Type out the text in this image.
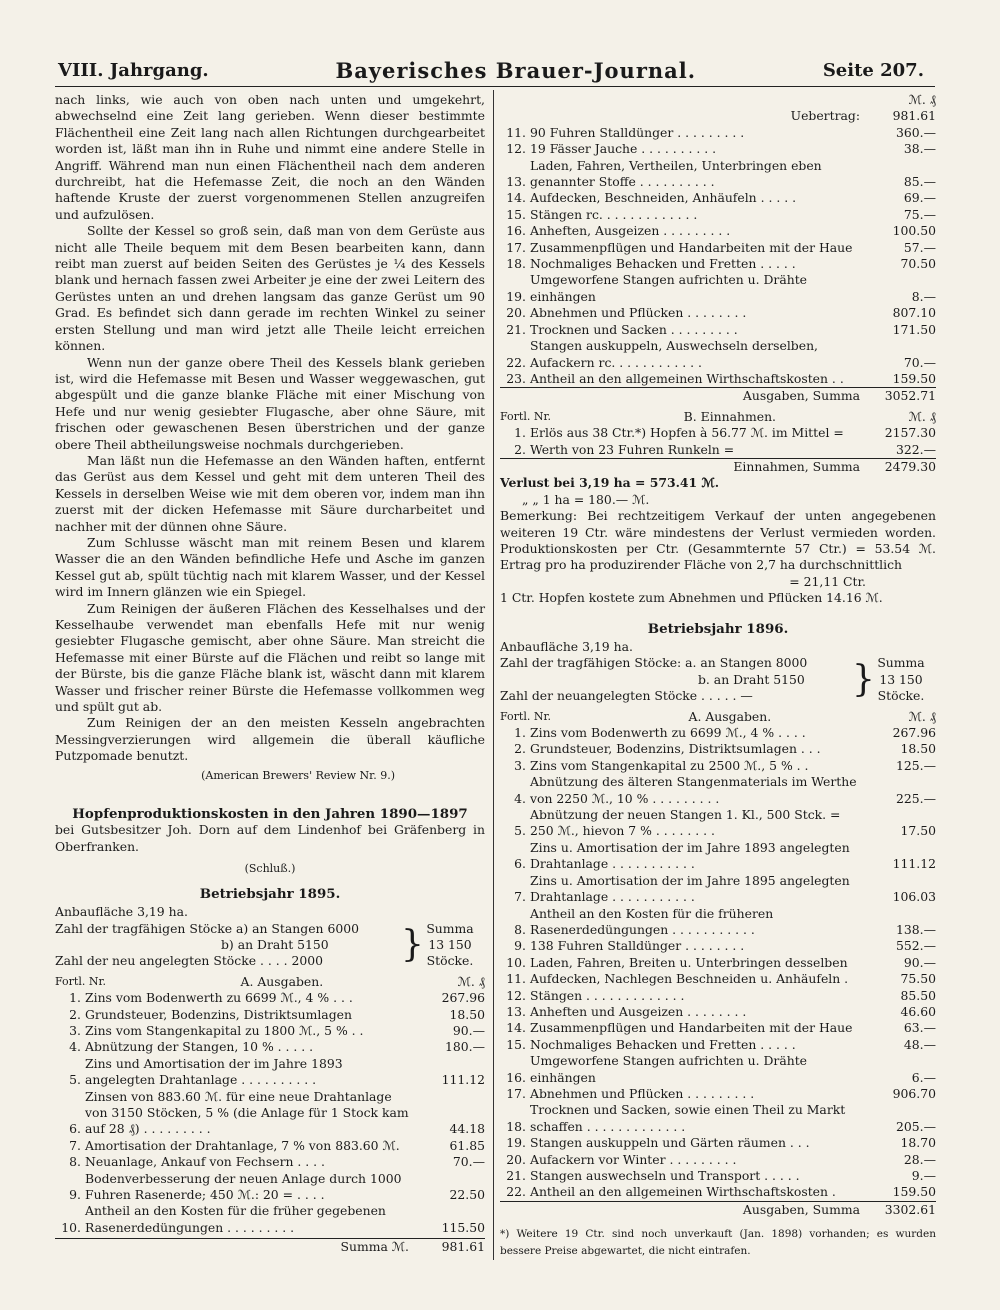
VIII. Jahrgang.	Bayerisches Brauer-Journal.	Seite 207.

nach links, wie auch von oben nach unten und umgekehrt, abwechselnd eine Zeit lang gerieben. Wenn dieser bestimmte Flächentheil eine Zeit lang nach allen Richtungen durchgearbeitet worden ist, läßt man ihn in Ruhe und nimmt eine andere Stelle in Angriff. Während man nun einen Flächentheil nach dem anderen durchreibt, hat die Hefemasse Zeit, die noch an den Wänden haftende Kruste der zuerst vorgenommenen Stellen anzugreifen und aufzulösen.

Sollte der Kessel so groß sein, daß man von dem Gerüste aus nicht alle Theile bequem mit dem Besen bearbeiten kann, dann reibt man zuerst auf beiden Seiten des Gerüstes je ¼ des Kessels blank und hernach fassen zwei Arbeiter je eine der zwei Leitern des Gerüstes unten an und drehen langsam das ganze Gerüst um 90 Grad. Es befindet sich dann gerade im rechten Winkel zu seiner ersten Stellung und man wird jetzt alle Theile leicht erreichen können.

Wenn nun der ganze obere Theil des Kessels blank gerieben ist, wird die Hefemasse mit Besen und Wasser weggewaschen, gut abgespült und die ganze blanke Fläche mit einer Mischung von Hefe und nur wenig gesiebter Flugasche, aber ohne Säure, mit frischen oder gewaschenen Besen überstrichen und der ganze obere Theil abtheilungsweise nochmals durchgerieben.

Man läßt nun die Hefemasse an den Wänden haften, entfernt das Gerüst aus dem Kessel und geht mit dem unteren Theil des Kessels in derselben Weise wie mit dem oberen vor, indem man ihn zuerst mit der dicken Hefemasse mit Säure durcharbeitet und nachher mit der dünnen ohne Säure.

Zum Schlusse wäscht man mit reinem Besen und klarem Wasser die an den Wänden befindliche Hefe und Asche im ganzen Kessel gut ab, spült tüchtig nach mit klarem Wasser, und der Kessel wird im Innern glänzen wie ein Spiegel.

Zum Reinigen der äußeren Flächen des Kesselhalses und der Kesselhaube verwendet man ebenfalls Hefe mit nur wenig gesiebter Flugasche gemischt, aber ohne Säure. Man streicht die Hefemasse mit einer Bürste auf die Flächen und reibt so lange mit der Bürste, bis die ganze Fläche blank ist, wäscht dann mit klarem Wasser und frischer reiner Bürste die Hefemasse vollkommen weg und spült gut ab.

Zum Reinigen der an den meisten Kesseln angebrachten Messingverzierungen wird allgemein die überall käufliche Putzpomade benutzt.

(American Brewers' Review Nr. 9.)
Hopfenproduktionskosten in den Jahren 1890—1897

bei Gutsbesitzer Joh. Dorn auf dem Lindenhof bei Gräfenberg in Oberfranken.

(Schluß.)
Betriebsjahr 1895.
Anbaufläche 3,19 ha.
Zahl der tragfähigen Stöcke a) an Stangen 6000
b) an Draht 5150
Zahl der neu angelegten Stöcke . . . . 2000	} Summa
13 150
Stöcke.
Fortl. Nr.	A. Ausgaben.	ℳ. ₰
1. Zins vom Bodenwerth zu 6699 ℳ., 4 % . . .	267.96
2. Grundsteuer, Bodenzins, Distriktsumlagen	18.50
3. Zins vom Stangenkapital zu 1800 ℳ., 5 % . .	90.—
4. Abnützung der Stangen, 10 % . . . . .	180.—
5.
Zins und Amortisation der im Jahre 1893 angelegten Drahtanlage . . . . . . . . . .	111.12
6.
Zinsen von 883.60 ℳ. für eine neue Drahtanlage von 3150 Stöcken, 5 % (die Anlage für 1 Stock kam auf 28 ₰) . . . . . . . . .	44.18
7. Amortisation der Drahtanlage, 7 % von 883.60 ℳ.	61.85
8. Neuanlage, Ankauf von Fechsern . . . .	70.—
9.
Bodenverbesserung der neuen Anlage durch 1000 Fuhren Rasenerde; 450 ℳ.: 20 = . . . .	22.50
10.
Antheil an den Kosten für die früher gegebenen Rasenerdedüngungen . . . . . . . . .	115.50
Summa ℳ.	981.61
ℳ. ₰
Uebertrag:	981.61
11. 90 Fuhren Stalldünger . . . . . . . . .	360.—
12. 19 Fässer Jauche . . . . . . . . . .	38.—
13.
Laden, Fahren, Vertheilen, Unterbringen eben genannter Stoffe . . . . . . . . . .	85.—
14. Aufdecken, Beschneiden, Anhäufeln . . . . .	69.—
15. Stängen rc. . . . . . . . . . . . .	75.—
16. Anheften, Ausgeizen . . . . . . . . .	100.50
17. Zusammenpflügen und Handarbeiten mit der Haue	57.—
18. Nochmaliges Behacken und Fretten . . . . .	70.50
19.
Umgeworfene Stangen aufrichten u. Drähte einhängen	8.—
20. Abnehmen und Pflücken . . . . . . . .	807.10
21. Trocknen und Sacken . . . . . . . . .	171.50
22.
Stangen auskuppeln, Auswechseln derselben, Aufackern rc. . . . . . . . . . . .	70.—
23. Antheil an den allgemeinen Wirthschaftskosten . .	159.50
Ausgaben, Summa	3052.71
Fortl. Nr.	B. Einnahmen.	ℳ. ₰
1. Erlös aus 38 Ctr.*) Hopfen à 56.77 ℳ. im Mittel =	2157.30
2. Werth von 23 Fuhren Runkeln =	322.—
Einnahmen, Summa	2479.30
Verlust bei 3,19 ha = 573.41 ℳ.
„ „ 1 ha = 180.— ℳ.

Bemerkung: Bei rechtzeitigem Verkauf der unten angegebenen weiteren 19 Ctr. wäre mindestens der Verlust vermieden worden. Produktionskosten per Ctr. (Gesammternte 57 Ctr.) = 53.54 ℳ. Ertrag pro ha produzirender Fläche von 2,7 ha durchschnittlich

= 21,11 Ctr.
1 Ctr. Hopfen kostete zum Abnehmen und Pflücken 14.16 ℳ.
Betriebsjahr 1896.
Anbaufläche 3,19 ha.
Zahl der tragfähigen Stöcke: a. an Stangen 8000
b. an Draht 5150
Zahl der neuangelegten Stöcke . . . . . —	} Summa
13 150
Stöcke.
Fortl. Nr.	A. Ausgaben.	ℳ. ₰
1. Zins vom Bodenwerth zu 6699 ℳ., 4 % . . . .	267.96
2. Grundsteuer, Bodenzins, Distriktsumlagen . . .	18.50
3. Zins vom Stangenkapital zu 2500 ℳ., 5 % . .	125.—
4.
Abnützung des älteren Stangenmaterials im Werthe von 2250 ℳ., 10 % . . . . . . . . .	225.—
5.
Abnützung der neuen Stangen 1. Kl., 500 Stck. = 250 ℳ., hievon 7 % . . . . . . . .	17.50
6.
Zins u. Amortisation der im Jahre 1893 angelegten Drahtanlage . . . . . . . . . . .	111.12
7.
Zins u. Amortisation der im Jahre 1895 angelegten Drahtanlage . . . . . . . . . . .	106.03
8.
Antheil an den Kosten für die früheren Rasenerdedüngungen . . . . . . . . . . .	138.—
9. 138 Fuhren Stalldünger . . . . . . . .	552.—
10. Laden, Fahren, Breiten u. Unterbringen desselben	90.—
11. Aufdecken, Nachlegen Beschneiden u. Anhäufeln .	75.50
12. Stängen . . . . . . . . . . . . .	85.50
13. Anheften und Ausgeizen . . . . . . . .	46.60
14. Zusammenpflügen und Handarbeiten mit der Haue	63.—
15. Nochmaliges Behacken und Fretten . . . . .	48.—
16.
Umgeworfene Stangen aufrichten u. Drähte einhängen	6.—
17. Abnehmen und Pflücken . . . . . . . . .	906.70
18.
Trocknen und Sacken, sowie einen Theil zu Markt schaffen . . . . . . . . . . . . .	205.—
19. Stangen auskuppeln und Gärten räumen . . .	18.70
20. Aufackern vor Winter . . . . . . . . .	28.—
21. Stangen auswechseln und Transport . . . . .	9.—
22. Antheil an den allgemeinen Wirthschaftskosten .	159.50
Ausgaben, Summa	3302.61

*) Weitere 19 Ctr. sind noch unverkauft (Jan. 1898) vorhanden; es wurden bessere Preise abgewartet, die nicht eintrafen.
